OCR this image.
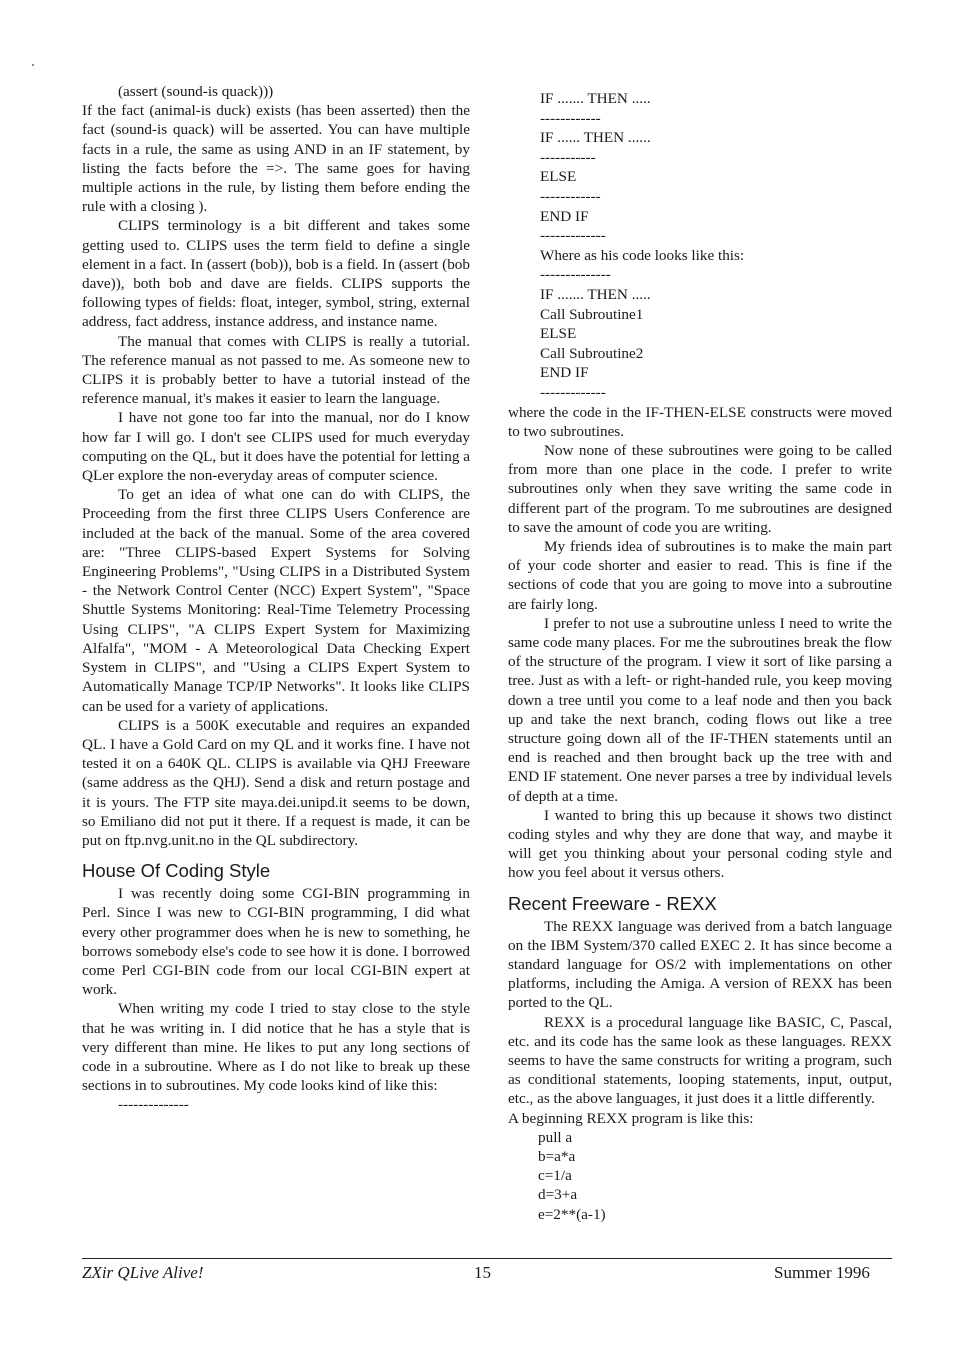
(assert (sound-is quack)))

If the fact (animal-is duck) exists (has been asserted) then the fact (sound-is quack) will be asserted. You can have multiple facts in a rule, the same as using AND in an IF statement, by listing the facts before the =>. The same goes for having multiple actions in the rule, by listing them before ending the rule with a closing ).

CLIPS terminology is a bit different and takes some getting used to. CLIPS uses the term field to define a single element in a fact. In (assert (bob)), bob is a field. In (assert (bob dave)), both bob and dave are fields. CLIPS supports the following types of fields: float, integer, symbol, string, external address, fact address, instance address, and instance name.

The manual that comes with CLIPS is really a tutorial. The reference manual as not passed to me. As someone new to CLIPS it is probably better to have a tutorial instead of the reference manual, it's makes it easier to learn the language.

I have not gone too far into the manual, nor do I know how far I will go. I don't see CLIPS used for much everyday computing on the QL, but it does have the potential for letting a QLer explore the non-everyday areas of computer science.

To get an idea of what one can do with CLIPS, the Proceeding from the first three CLIPS Users Conference are included at the back of the manual. Some of the area covered are: "Three CLIPS-based Expert Systems for Solving Engineering Problems", "Using CLIPS in a Distributed System - the Network Control Center (NCC) Expert System", "Space Shuttle Systems Monitoring: Real-Time Telemetry Processing Using CLIPS", "A CLIPS Expert System for Maximizing Alfalfa", "MOM - A Meteorological Data Checking Expert System in CLIPS", and "Using a CLIPS Expert System to Automatically Manage TCP/IP Networks". It looks like CLIPS can be used for a variety of applications.

CLIPS is a 500K executable and requires an expanded QL. I have a Gold Card on my QL and it works fine. I have not tested it on a 640K QL. CLIPS is available via QHJ Freeware (same address as the QHJ). Send a disk and return postage and it is yours. The FTP site maya.dei.unipd.it seems to be down, so Emiliano did not put it there. If a request is made, it can be put on ftp.nvg.unit.no in the QL subdirectory.

House Of Coding Style

I was recently doing some CGI-BIN programming in Perl. Since I was new to CGI-BIN programming, I did what every other programmer does when he is new to something, he borrows somebody else's code to see how it is done. I borrowed come Perl CGI-BIN code from our local CGI-BIN expert at work.

When writing my code I tried to stay close to the style that he was writing in. I did notice that he has a style that is very different than mine. He likes to put any long sections of code in a subroutine. Where as I do not like to break up these sections in to subroutines. My code looks kind of like this:

--------------
IF ....... THEN .....
------------
IF ...... THEN ......
-----------
ELSE
------------
END IF
-------------
Where as his code looks like this:
--------------
IF ....... THEN .....
Call Subroutine1
ELSE
Call Subroutine2
END IF
-------------

where the code in the IF-THEN-ELSE constructs were moved to two subroutines.

Now none of these subroutines were going to be called from more than one place in the code. I prefer to write subroutines only when they save writing the same code in different part of the program. To me subroutines are designed to save the amount of code you are writing.

My friends idea of subroutines is to make the main part of your code shorter and easier to read. This is fine if the sections of code that you are going to move into a subroutine are fairly long.

I prefer to not use a subroutine unless I need to write the same code many places. For me the subroutines break the flow of the structure of the program. I view it sort of like parsing a tree. Just as with a left- or right-handed rule, you keep moving down a tree until you come to a leaf node and then you back up and take the next branch, coding flows out like a tree structure going down all of the IF-THEN statements until an end is reached and then brought back up the tree with and END IF statement. One never parses a tree by individual levels of depth at a time.

I wanted to bring this up because it shows two distinct coding styles and why they are done that way, and maybe it will get you thinking about your personal coding style and how you feel about it versus others.

Recent Freeware - REXX

The REXX language was derived from a batch language on the IBM System/370 called EXEC 2. It has since become a standard language for OS/2 with implementations on other platforms, including the Amiga. A version of REXX has been ported to the QL.

REXX is a procedural language like BASIC, C, Pascal, etc. and its code has the same look as these languages. REXX seems to have the same constructs for writing a program, such as conditional statements, looping statements, input, output, etc., as the above languages, it just does it a little differently.

A beginning REXX program is like this:

pull a
b=a*a
c=1/a
d=3+a
e=2**(a-1)
ZXir QLive Alive!	15	Summer 1996
